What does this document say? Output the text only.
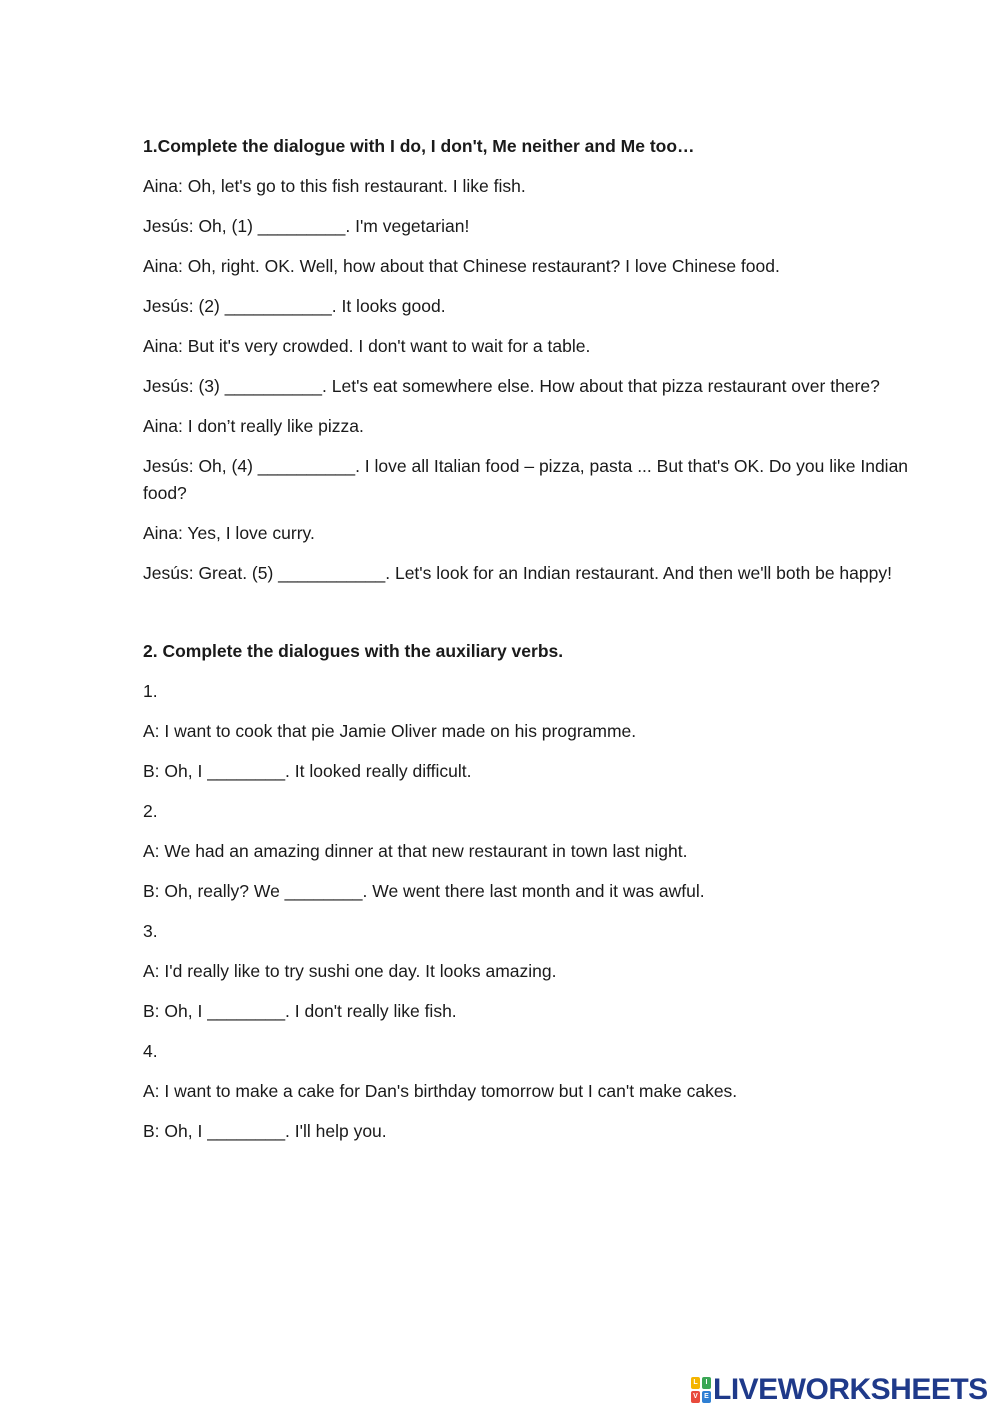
1.Complete the dialogue with I do, I don't, Me neither and Me too…
Aina: Oh, let's go to this fish restaurant. I like fish.
Jesús: Oh, (1) _________. I'm vegetarian!
Aina: Oh, right. OK. Well, how about that Chinese restaurant? I love Chinese food.
Jesús: (2) ___________. It looks good.
Aina: But it's very crowded. I don't want to wait for a table.
Jesús: (3) __________. Let's eat somewhere else. How about that pizza restaurant over there?
Aina: I don’t really like pizza.
Jesús: Oh, (4) __________. I love all Italian food – pizza, pasta ... But that's OK. Do you like Indian food?
Aina: Yes, I love curry.
Jesús: Great. (5) ___________. Let's look for an Indian restaurant. And then we'll both be happy!
2. Complete the dialogues with the auxiliary verbs.
1.
A: I want to cook that pie Jamie Oliver made on his programme.
B: Oh, I ________. It looked really difficult.
2.
A: We had an amazing dinner at that new restaurant in town last night.
B: Oh, really? We ________. We went there last month and it was awful.
3.
A: I'd really like to try sushi one day. It looks amazing.
B: Oh, I ________. I don't really like fish.
4.
A: I want to make a cake for Dan's birthday tomorrow but I can't make cakes.
B: Oh, I ________. I'll help you.
L	I
V E LIVEWORKSHEETS
